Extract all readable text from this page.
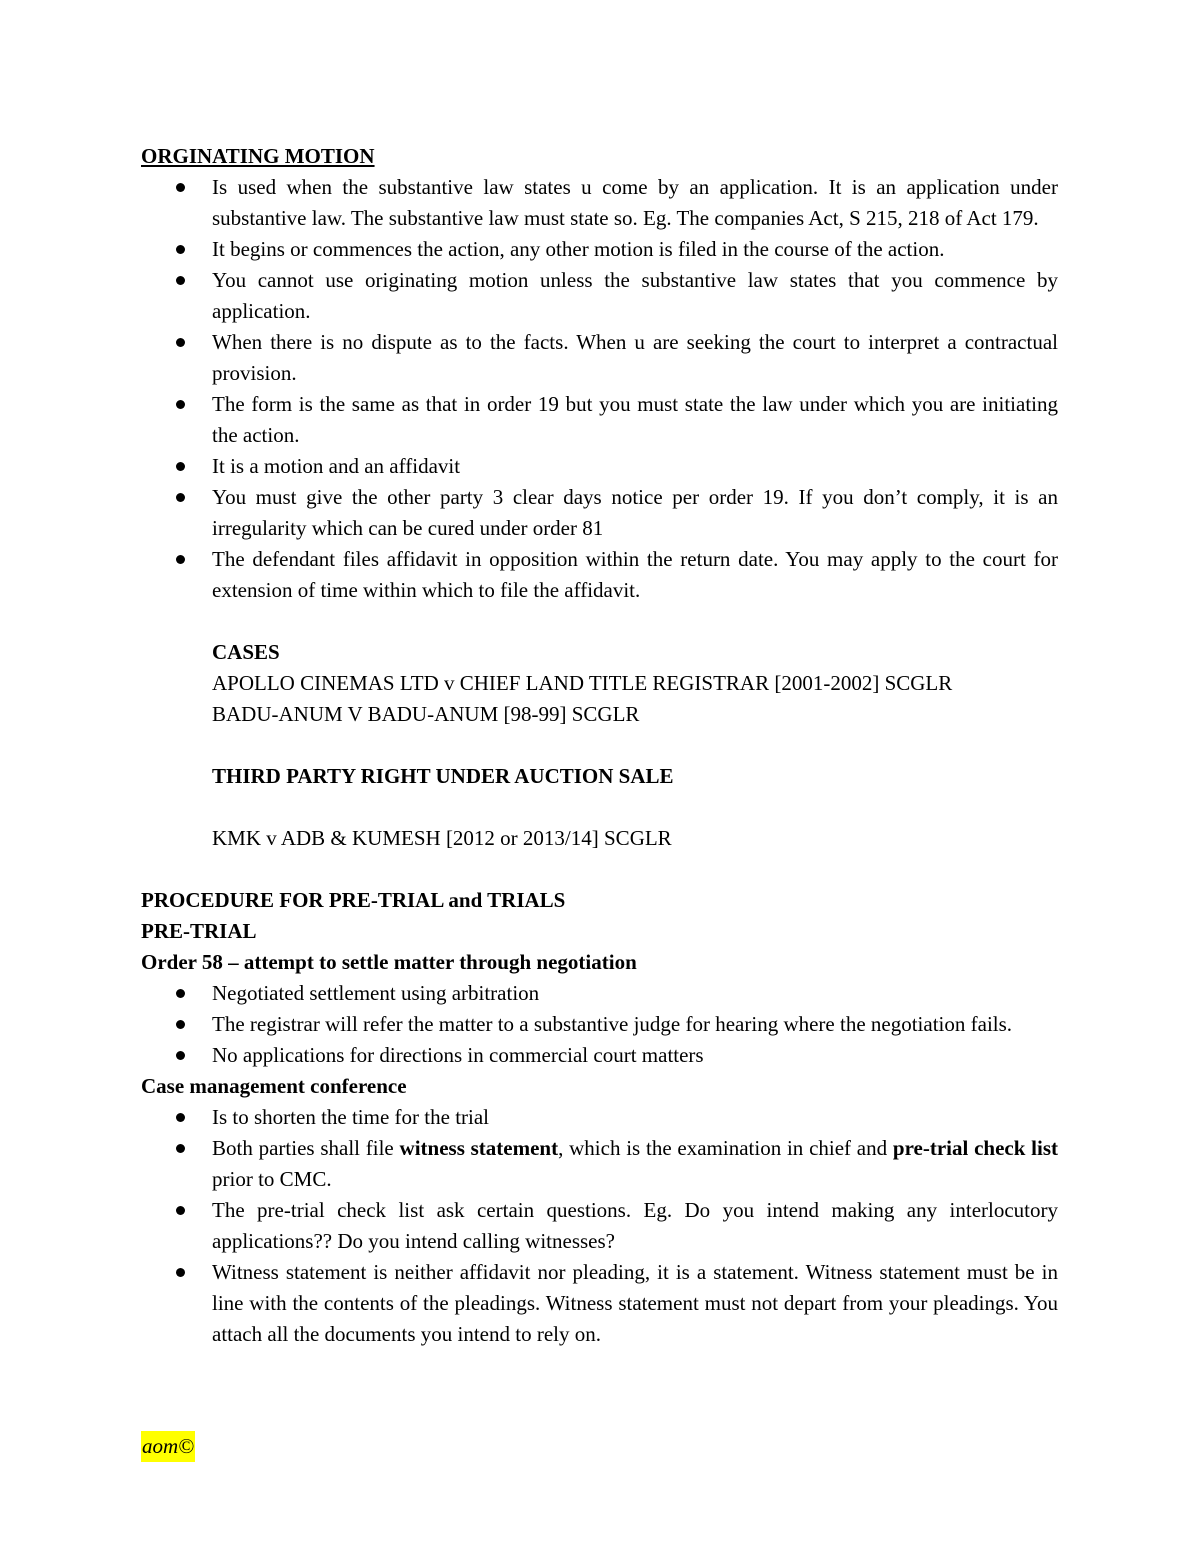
ORGINATING MOTION
Is used when the substantive law states u come by an application. It is an application under substantive law. The substantive law must state so. Eg. The companies Act, S 215, 218 of Act 179.
It begins or commences the action, any other motion is filed in the course of the action.
You cannot use originating motion unless the substantive law states that you commence by application.
When there is no dispute as to the facts. When u are seeking the court to interpret a contractual provision.
The form is the same as that in order 19 but you must state the law under which you are initiating the action.
It is a motion and an affidavit
You must give the other party 3 clear days notice per order 19. If you don’t comply, it is an irregularity which can be cured under order 81
The defendant files affidavit in opposition within the return date. You may apply to the court for extension of time within which to file the affidavit.
CASES
APOLLO CINEMAS LTD v CHIEF LAND TITLE REGISTRAR [2001-2002] SCGLR
BADU-ANUM V BADU-ANUM [98-99] SCGLR
THIRD PARTY RIGHT UNDER AUCTION SALE
KMK v ADB & KUMESH [2012 or 2013/14] SCGLR
PROCEDURE FOR PRE-TRIAL and TRIALS
PRE-TRIAL
Order 58 – attempt to settle matter through negotiation
Negotiated settlement using arbitration
The registrar will refer the matter to a substantive judge for hearing where the negotiation fails.
No applications for directions in commercial court matters
Case management conference
Is to shorten the time for the trial
Both parties shall file witness statement, which is the examination in chief and pre-trial check list prior to CMC.
The pre-trial check list ask certain questions. Eg. Do you intend making any interlocutory applications?? Do you intend calling witnesses?
Witness statement is neither affidavit nor pleading, it is a statement. Witness statement must be in line with the contents of the pleadings. Witness statement must not depart from your pleadings. You attach all the documents you intend to rely on.
aom©
